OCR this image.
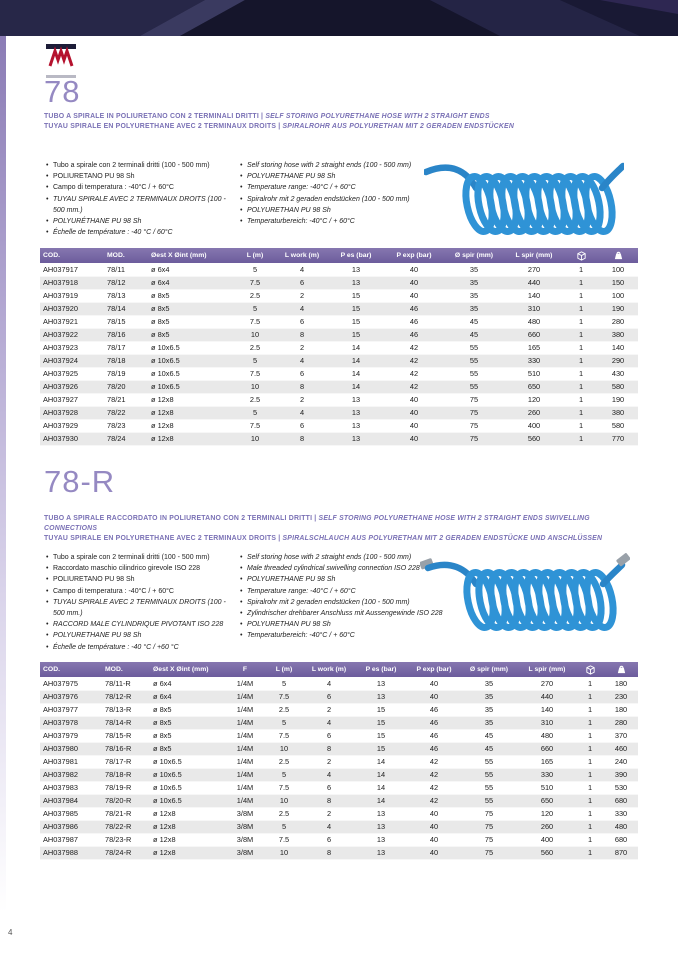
78
TUBO A SPIRALE IN POLIURETANO CON 2 TERMINALI DRITTI | SELF STORING POLYURETHANE HOSE WITH 2 STRAIGHT ENDS
TUYAU SPIRALE EN POLYURETHANE AVEC 2 TERMINAUX DROITS | SPIRALROHR AUS POLYURETHAN MIT 2 GERADEN ENDSTÜCKEN
• Tubo a spirale con 2 terminali dritti (100 - 500 mm)
• POLIURETANO PU 98 Sh
• Campo di temperatura : -40°C / + 60°C
• TUYAU SPIRALE AVEC 2 TERMINAUX DROITS (100 - 500 mm.)
• POLYURÉTHANE PU 98 Sh
• Échelle de température : -40 °C / 60°C
• Self storing hose with 2 straight ends (100 - 500 mm)
• POLYURETHANE PU 98 Sh
• Temperature range: -40°C / + 60°C
• Spiralrohr mit 2 geraden endstücken (100 - 500 mm)
• POLYURETHAN PU 98 Sh
• Temperaturbereich: -40°C / + 60°C
COD.	MOD.	Øest X Øint (mm)	L (m)	L work (m)	P es (bar)	P exp (bar)	Ø spir (mm)	L spir (mm)	

AH037917	78/11	ø 6x4	5	4	13	40	35	270	1	100
AH037918	78/12	ø 6x4	7.5	6	13	40	35	440	1	150
AH037919	78/13	ø 8x5	2.5	2	15	40	35	140	1	100
AH037920	78/14	ø 8x5	5	4	15	46	35	310	1	190
AH037921	78/15	ø 8x5	7.5	6	15	46	45	480	1	280
AH037922	78/16	ø 8x5	10	8	15	46	45	660	1	380
AH037923	78/17	ø 10x6.5	2.5	2	14	42	55	165	1	140
AH037924	78/18	ø 10x6.5	5	4	14	42	55	330	1	290
AH037925	78/19	ø 10x6.5	7.5	6	14	42	55	510	1	430
AH037926	78/20	ø 10x6.5	10	8	14	42	55	650	1	580
AH037927	78/21	ø 12x8	2.5	2	13	40	75	120	1	190
AH037928	78/22	ø 12x8	5	4	13	40	75	260	1	380
AH037929	78/23	ø 12x8	7.5	6	13	40	75	400	1	580
AH037930	78/24	ø 12x8	10	8	13	40	75	560	1	770
78-R
TUBO A SPIRALE RACCORDATO IN POLIURETANO CON 2 TERMINALI DRITTI | SELF STORING POLYURETHANE HOSE WITH 2 STRAIGHT ENDS SWIVELLING CONNECTIONS
TUYAU SPIRALE EN POLYURETHANE AVEC 2 TERMINAUX DROITS | SPIRALSCHLAUCH AUS POLYURETHAN MIT 2 GERADEN ENDSTÜCKE UND ANSCHLÜSSEN
• Tubo a spirale con 2 terminali dritti (100 - 500 mm)
• Raccordato maschio cilindrico girevole ISO 228
• POLIURETANO PU 98 Sh
• Campo di temperatura : -40°C / + 60°C
• TUYAU SPIRALE AVEC 2 TERMINAUX DROITS (100 - 500 mm.)
• RACCORD MALE CYLINDRIQUE PIVOTANT ISO 228
• POLYURETHANE PU 98 Sh
• Échelle de température : -40 °C / +60 °C
• Self storing hose with 2 straight ends (100 - 500 mm)
• Male threaded cylindrical swivelling connection ISO 228
• POLYURETHANE PU 98 Sh
• Temperature range: -40°C / + 60°C
• Spiralrohr mit 2 geraden endstücken (100 - 500 mm)
• Zylindrischer drehbarer Anschluss mit Aussengewinde ISO 228
• POLYURETHAN PU 98 Sh
• Temperaturbereich: -40°C / + 60°C
COD.	MOD.	Øest X Øint (mm)	F	L (m)	L work (m)	P es (bar)	P exp (bar)	Ø spir (mm)	L spir (mm)	

AH037975	78/11-R	ø 6x4	1/4M	5	4	13	40	35	270	1	180
AH037976	78/12-R	ø 6x4	1/4M	7.5	6	13	40	35	440	1	230
AH037977	78/13-R	ø 8x5	1/4M	2.5	2	15	46	35	140	1	180
AH037978	78/14-R	ø 8x5	1/4M	5	4	15	46	35	310	1	280
AH037979	78/15-R	ø 8x5	1/4M	7.5	6	15	46	45	480	1	370
AH037980	78/16-R	ø 8x5	1/4M	10	8	15	46	45	660	1	460
AH037981	78/17-R	ø 10x6.5	1/4M	2.5	2	14	42	55	165	1	240
AH037982	78/18-R	ø 10x6.5	1/4M	5	4	14	42	55	330	1	390
AH037983	78/19-R	ø 10x6.5	1/4M	7.5	6	14	42	55	510	1	530
AH037984	78/20-R	ø 10x6.5	1/4M	10	8	14	42	55	650	1	680
AH037985	78/21-R	ø 12x8	3/8M	2.5	2	13	40	75	120	1	330
AH037986	78/22-R	ø 12x8	3/8M	5	4	13	40	75	260	1	480
AH037987	78/23-R	ø 12x8	3/8M	7.5	6	13	40	75	400	1	680
AH037988	78/24-R	ø 12x8	3/8M	10	8	13	40	75	560	1	870
4
